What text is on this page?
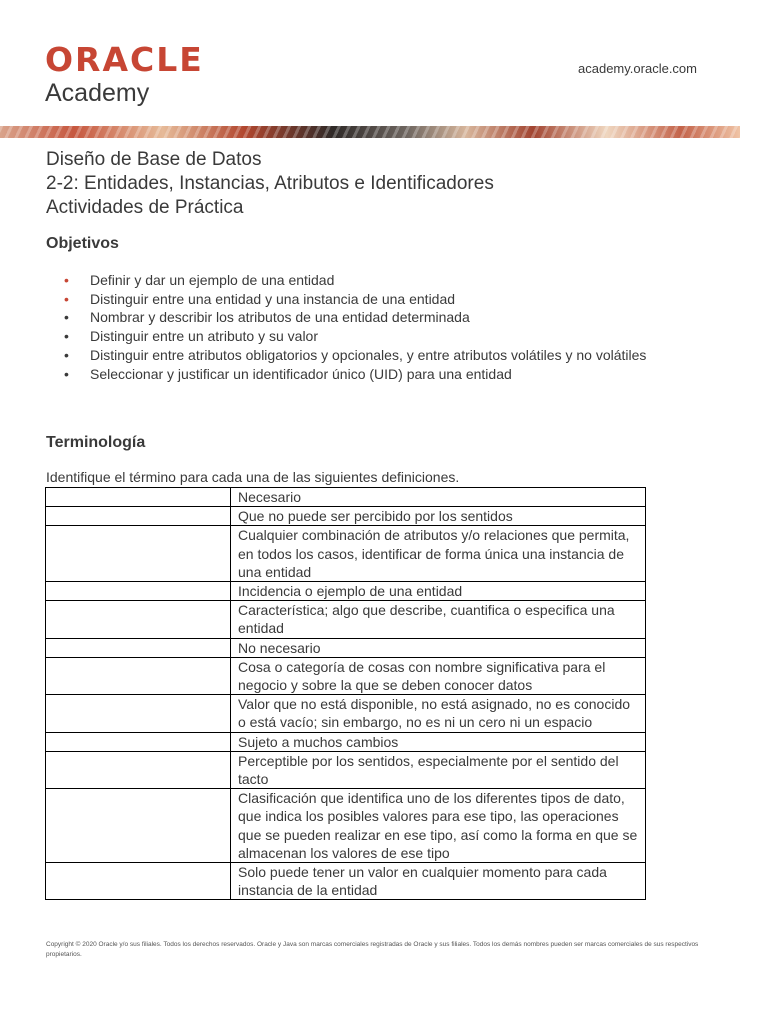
ORACLE
Academy
academy.oracle.com
Diseño de Base de Datos
2-2: Entidades, Instancias, Atributos e Identificadores
Actividades de Práctica
Objetivos
• Definir y dar un ejemplo de una entidad
• Distinguir entre una entidad y una instancia de una entidad
• Nombrar y describir los atributos de una entidad determinada
• Distinguir entre un atributo y su valor
• Distinguir entre atributos obligatorios y opcionales, y entre atributos volátiles y no volátiles
• Seleccionar y justificar un identificador único (UID) para una entidad
Terminología
Identifique el término para cada una de las siguientes definiciones.
	Necesario
	Que no puede ser percibido por los sentidos
	Cualquier combinación de atributos y/o relaciones que permita, en todos los casos, identificar de forma única una instancia de una entidad
	Incidencia o ejemplo de una entidad
	Característica; algo que describe, cuantifica o especifica una entidad
	No necesario
	Cosa o categoría de cosas con nombre significativa para el negocio y sobre la que se deben conocer datos
	Valor que no está disponible, no está asignado, no es conocido o está vacío; sin embargo, no es ni un cero ni un espacio
	Sujeto a muchos cambios
	Perceptible por los sentidos, especialmente por el sentido del tacto
	Clasificación que identifica uno de los diferentes tipos de dato, que indica los posibles valores para ese tipo, las operaciones que se pueden realizar en ese tipo, así como la forma en que se almacenan los valores de ese tipo
	Solo puede tener un valor en cualquier momento para cada instancia de la entidad
Copyright © 2020 Oracle y/o sus filiales. Todos los derechos reservados. Oracle y Java son marcas comerciales registradas de Oracle y sus filiales. Todos los demás nombres pueden ser marcas comerciales de sus respectivos propietarios.
